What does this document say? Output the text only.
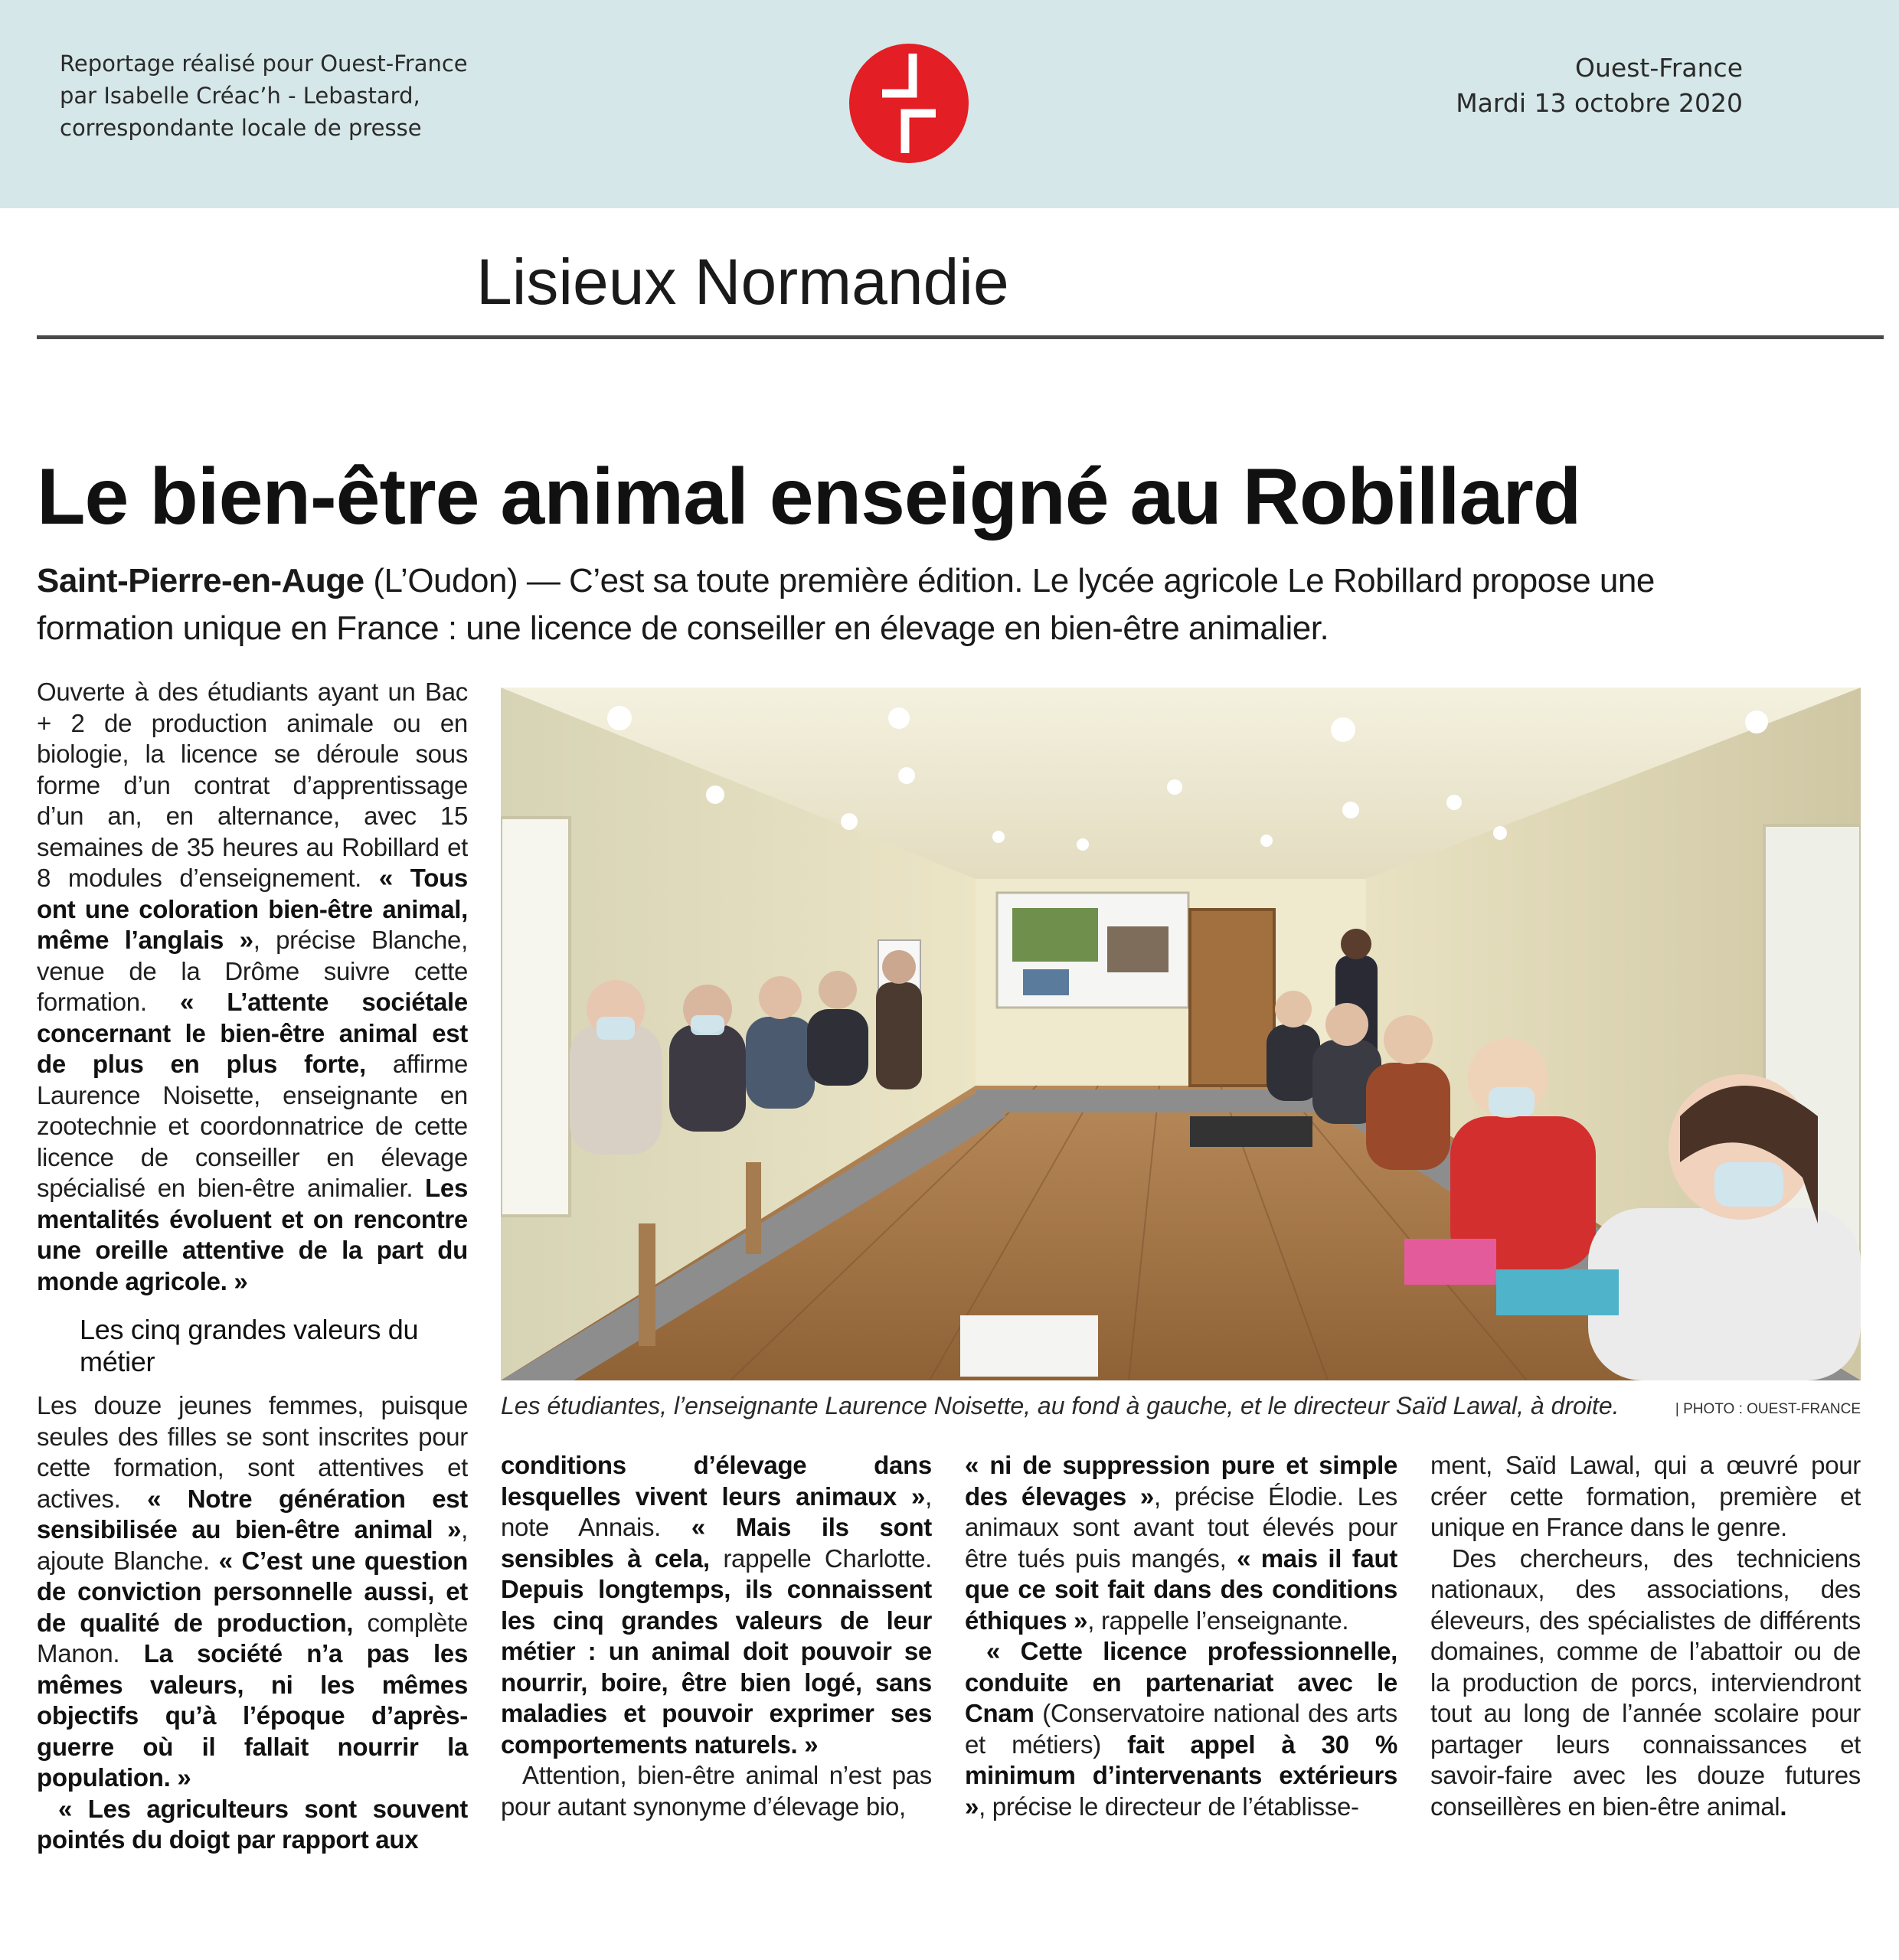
Reportage réalisé pour Ouest-France
par Isabelle Créac’h - Lebastard,
correspondante locale de presse
Ouest-France
Mardi 13 octobre 2020
Lisieux Normandie
Le bien-être animal enseigné au Robillard
Saint-Pierre-en-Auge (L’Oudon) — C’est sa toute première édition. Le lycée agricole Le Robillard propose une formation unique en France : une licence de conseiller en élevage en bien-être animalier.

Ouverte à des étudiants ayant un Bac + 2 de production animale ou en biologie, la licence se déroule sous forme d’un contrat d’apprentissage d’un an, en alternance, avec 15 semaines de 35 heures au Robillard et 8 modules d’enseignement. « Tous ont une coloration bien-être animal, même l’anglais », précise Blanche, venue de la Drôme suivre cette formation. « L’attente sociétale concernant le bien-être animal est de plus en plus forte, affirme Laurence Noisette, enseignante en zootechnie et coordonnatrice de cette licence de conseiller en élevage spécialisé en bien-être animalier. Les mentalités évoluent et on rencontre une oreille attentive de la part du monde agricole. »

Les cinq grandes valeurs du métier

Les douze jeunes femmes, puisque seules des filles se sont inscrites pour cette formation, sont attentives et actives. « Notre génération est sensibilisée au bien-être animal », ajoute Blanche. « C’est une question de conviction personnelle aussi, et de qualité de production, complète Manon. La société n’a pas les mêmes valeurs, ni les mêmes objectifs qu’à l’époque d’après-guerre où il fallait nourrir la population. »

« Les agriculteurs sont souvent pointés du doigt par rapport aux

Les étudiantes, l’enseignante Laurence Noisette, au fond à gauche, et le directeur Saïd Lawal, à droite.	| PHOTO : OUEST-FRANCE

conditions d’élevage dans lesquelles vivent leurs animaux », note Annais. « Mais ils sont sensibles à cela, rappelle Charlotte. Depuis longtemps, ils connaissent les cinq grandes valeurs de leur métier : un animal doit pouvoir se nourrir, boire, être bien logé, sans maladies et pouvoir exprimer ses comportements naturels. »

Attention, bien-être animal n’est pas pour autant synonyme d’élevage bio,

« ni de suppression pure et simple des élevages », précise Élodie. Les animaux sont avant tout élevés pour être tués puis mangés, « mais il faut que ce soit fait dans des conditions éthiques », rappelle l’enseignante.

« Cette licence professionnelle, conduite en partenariat avec le Cnam (Conservatoire national des arts et métiers) fait appel à 30 % minimum d’intervenants extérieurs », précise le directeur de l’établisse-

ment, Saïd Lawal, qui a œuvré pour créer cette formation, première et unique en France dans le genre.

Des chercheurs, des techniciens nationaux, des associations, des éleveurs, des spécialistes de différents domaines, comme de l’abattoir ou de la production de porcs, interviendront tout au long de l’année scolaire pour partager leurs connaissances et savoir-faire avec les douze futures conseillères en bien-être animal.
